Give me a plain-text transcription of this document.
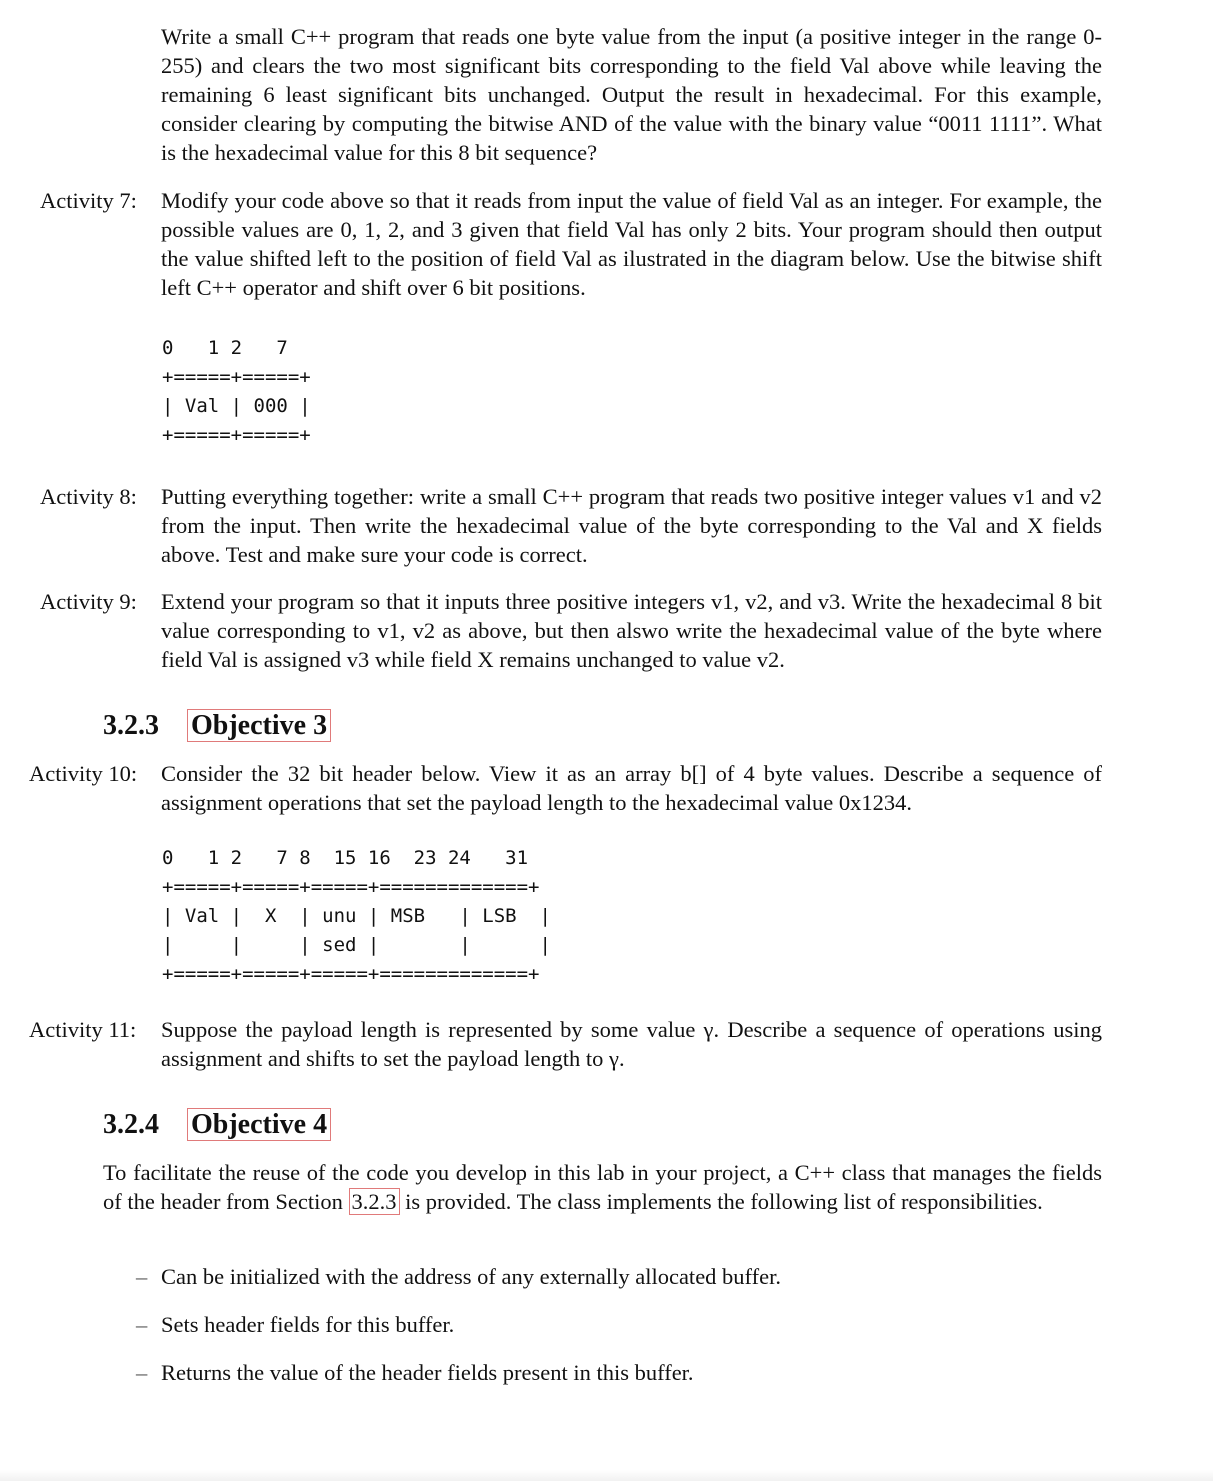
Write a small C++ program that reads one byte value from the input (a positive integer in the range 0-255) and clears the two most significant bits corresponding to the field Val above while leaving the remaining 6 least significant bits unchanged. Output the result in hexadecimal. For this example, consider clearing by computing the bitwise AND of the value with the binary value “0011 1111”. What is the hexadecimal value for this 8 bit sequence?
Activity 7: Modify your code above so that it reads from input the value of field Val as an integer. For example, the possible values are 0, 1, 2, and 3 given that field Val has only 2 bits. Your program should then output the value shifted left to the position of field Val as ilustrated in the diagram below. Use the bitwise shift left C++ operator and shift over 6 bit positions.
0   1 2   7
+=====+=====+
| Val | 000 |
+=====+=====+
Activity 8: Putting everything together: write a small C++ program that reads two positive integer values v1 and v2 from the input. Then write the hexadecimal value of the byte corresponding to the Val and X fields above. Test and make sure your code is correct.
Activity 9: Extend your program so that it inputs three positive integers v1, v2, and v3. Write the hexadecimal 8 bit value corresponding to v1, v2 as above, but then alswo write the hexadecimal value of the byte where field Val is assigned v3 while field X remains unchanged to value v2.
3.2.3 Objective 3
Activity 10: Consider the 32 bit header below. View it as an array b[] of 4 byte values. Describe a sequence of assignment operations that set the payload length to the hexadecimal value 0x1234.
0   1 2   7 8  15 16  23 24   31
+=====+=====+=====+=============+
| Val |  X  | unu | MSB   | LSB  |
|     |     | sed |       |      |
+=====+=====+=====+=============+
Activity 11: Suppose the payload length is represented by some value γ. Describe a sequence of operations using assignment and shifts to set the payload length to γ.
3.2.4 Objective 4
To facilitate the reuse of the code you develop in this lab in your project, a C++ class that manages the fields of the header from Section 3.2.3 is provided. The class implements the following list of responsibilities.
– Can be initialized with the address of any externally allocated buffer.
– Sets header fields for this buffer.
– Returns the value of the header fields present in this buffer.
